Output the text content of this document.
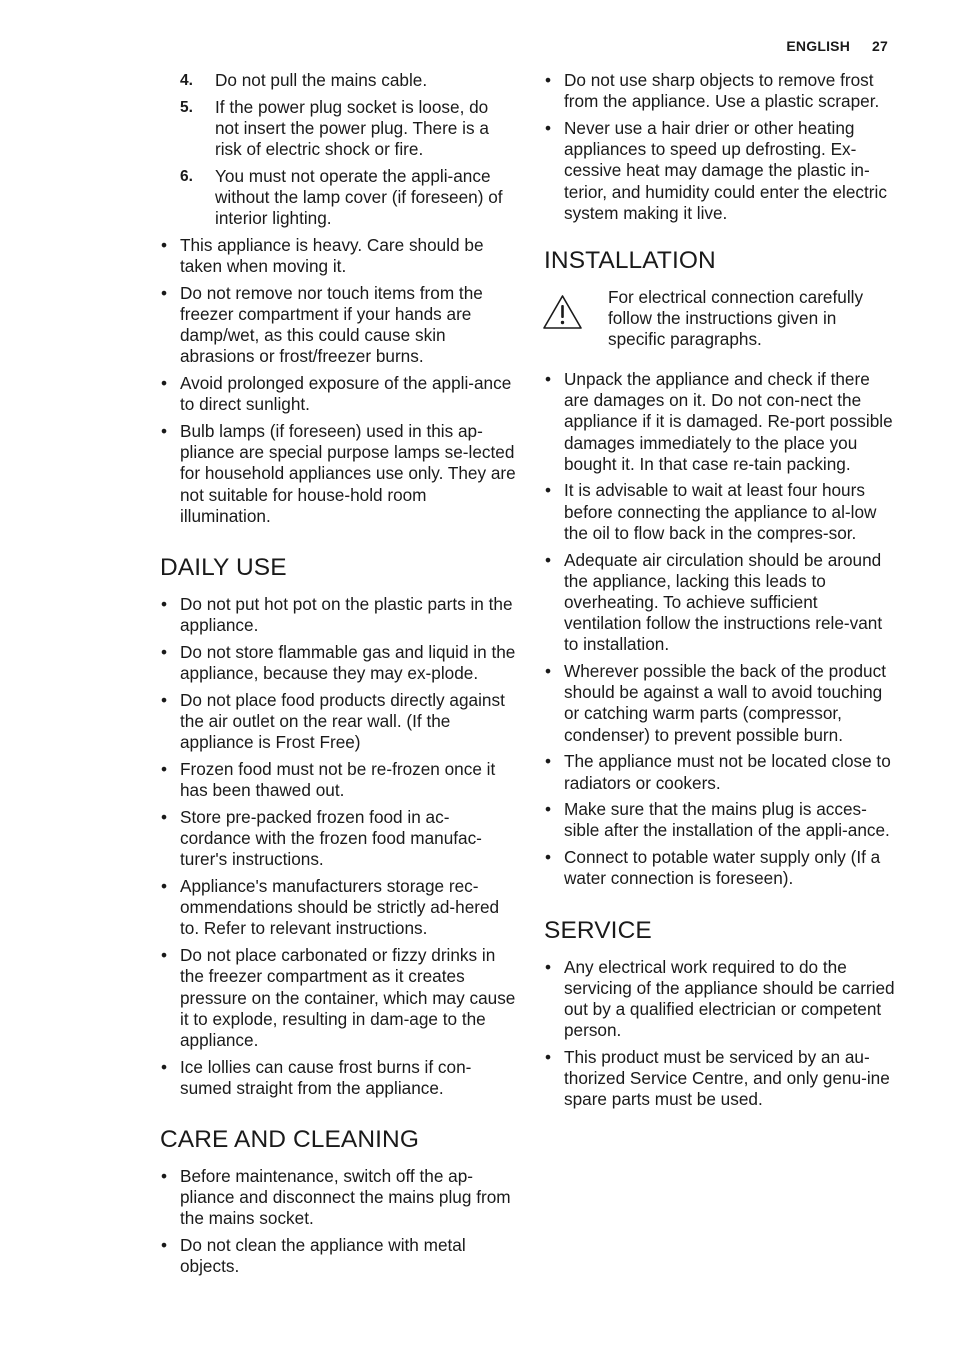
ENGLISH 27
4.	Do not pull the mains cable.
5.	If the power plug socket is loose, do not insert the power plug. There is a risk of electric shock or fire.
6.	You must not operate the appli-ance without the lamp cover (if foreseen) of interior lighting.
• This appliance is heavy. Care should be taken when moving it.
• Do not remove nor touch items from the freezer compartment if your hands are damp/wet, as this could cause skin abrasions or frost/freezer burns.
• Avoid prolonged exposure of the appli-ance to direct sunlight.
• Bulb lamps (if foreseen) used in this ap-pliance are special purpose lamps se-lected for household appliances use only. They are not suitable for house-hold room illumination.
DAILY USE
• Do not put hot pot on the plastic parts in the appliance.
• Do not store flammable gas and liquid in the appliance, because they may ex-plode.
• Do not place food products directly against the air outlet on the rear wall. (If the appliance is Frost Free)
• Frozen food must not be re-frozen once it has been thawed out.
• Store pre-packed frozen food in ac-cordance with the frozen food manufac-turer's instructions.
• Appliance's manufacturers storage rec-ommendations should be strictly ad-hered to. Refer to relevant instructions.
• Do not place carbonated or fizzy drinks in the freezer compartment as it creates pressure on the container, which may cause it to explode, resulting in dam-age to the appliance.
• Ice lollies can cause frost burns if con-sumed straight from the appliance.
CARE AND CLEANING
• Before maintenance, switch off the ap-pliance and disconnect the mains plug from the mains socket.
• Do not clean the appliance with metal objects.
• Do not use sharp objects to remove frost from the appliance. Use a plastic scraper.
• Never use a hair drier or other heating appliances to speed up defrosting. Ex-cessive heat may damage the plastic in-terior, and humidity could enter the electric system making it live.
INSTALLATION
For electrical connection carefully follow the instructions given in specific paragraphs.
• Unpack the appliance and check if there are damages on it. Do not con-nect the appliance if it is damaged. Re-port possible damages immediately to the place you bought it. In that case re-tain packing.
• It is advisable to wait at least four hours before connecting the appliance to al-low the oil to flow back in the compres-sor.
• Adequate air circulation should be around the appliance, lacking this leads to overheating. To achieve sufficient ventilation follow the instructions rele-vant to installation.
• Wherever possible the back of the product should be against a wall to avoid touching or catching warm parts (compressor, condenser) to prevent possible burn.
• The appliance must not be located close to radiators or cookers.
• Make sure that the mains plug is acces-sible after the installation of the appli-ance.
• Connect to potable water supply only (If a water connection is foreseen).
SERVICE
• Any electrical work required to do the servicing of the appliance should be carried out by a qualified electrician or competent person.
• This product must be serviced by an au-thorized Service Centre, and only genu-ine spare parts must be used.
